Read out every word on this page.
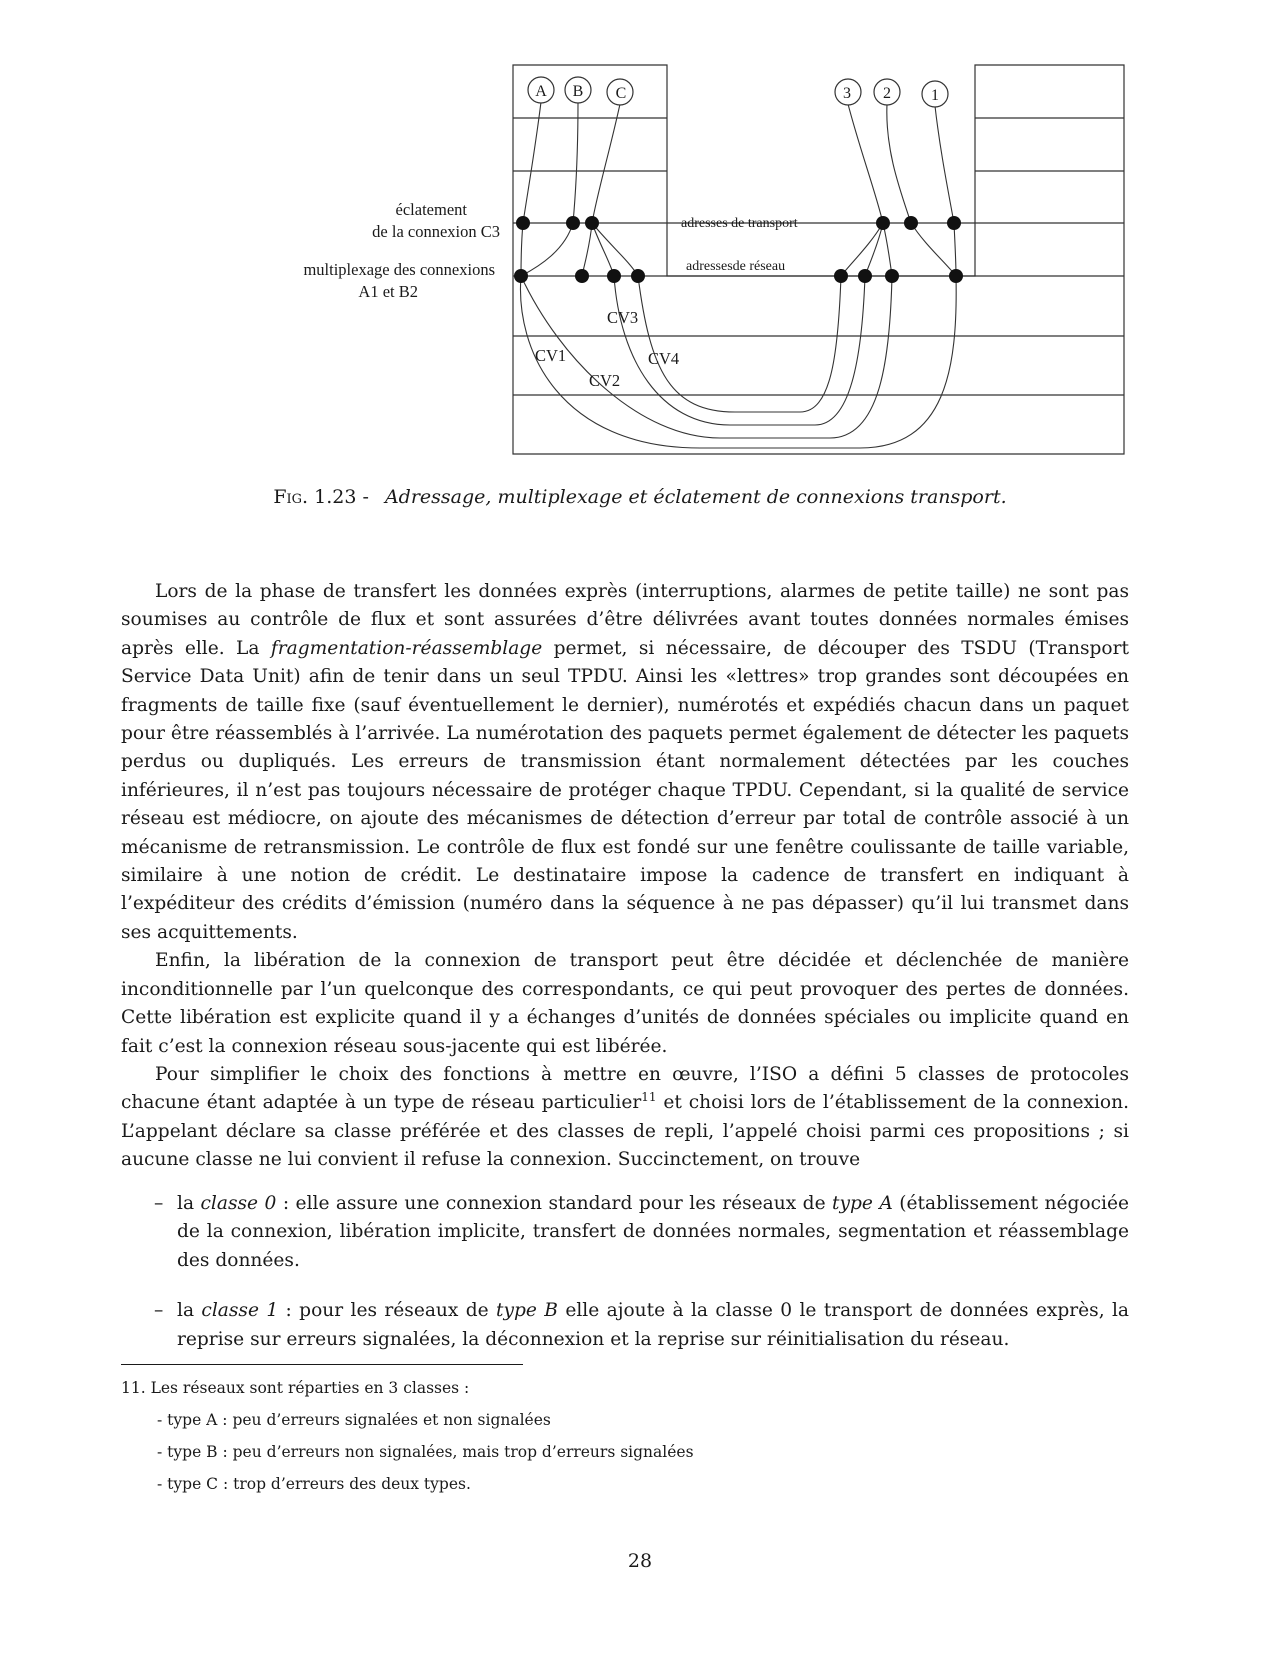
A B C	3 2	1
éclatement
de la connexion C3
multiplexage des connexions
A1 et B2
adresses de transport
adressesde réseau
CV1
CV2
CV3
CV4
Fig. 1.23 - Adressage, multiplexage et éclatement de connexions transport.

Lors de la phase de transfert les données exprès (interruptions, alarmes de petite taille) ne sont pas soumises au contrôle de flux et sont assurées d’être délivrées avant toutes données normales émises après elle. La fragmentation-réassemblage permet, si nécessaire, de découper des TSDU (Transport Service Data Unit) afin de tenir dans un seul TPDU. Ainsi les «lettres» trop grandes sont découpées en fragments de taille fixe (sauf éventuellement le dernier), numérotés et expédiés chacun dans un paquet pour être réassemblés à l’arrivée. La numérotation des paquets permet également de détecter les paquets perdus ou dupliqués. Les erreurs de transmission étant normalement détectées par les couches inférieures, il n’est pas toujours nécessaire de protéger chaque TPDU. Cependant, si la qualité de service réseau est médiocre, on ajoute des mécanismes de détection d’erreur par total de contrôle associé à un mécanisme de retransmission. Le contrôle de flux est fondé sur une fenêtre coulissante de taille variable, similaire à une notion de crédit. Le destinataire impose la cadence de transfert en indiquant à l’expéditeur des crédits d’émission (numéro dans la séquence à ne pas dépasser) qu’il lui transmet dans ses acquittements.

Enfin, la libération de la connexion de transport peut être décidée et déclenchée de manière inconditionnelle par l’un quelconque des correspondants, ce qui peut provoquer des pertes de données. Cette libération est explicite quand il y a échanges d’unités de données spéciales ou implicite quand en fait c’est la connexion réseau sous-jacente qui est libérée.

Pour simplifier le choix des fonctions à mettre en œuvre, l’ISO a défini 5 classes de protocoles chacune étant adaptée à un type de réseau particulier$^{11}$ et choisi lors de l’établissement de la connexion. L’appelant déclare sa classe préférée et des classes de repli, l’appelé choisi parmi ces propositions ; si aucune classe ne lui convient il refuse la connexion. Succinctement, on trouve

– la classe 0 : elle assure une connexion standard pour les réseaux de type A (établissement négociée de la connexion, libération implicite, transfert de données normales, segmentation et réassemblage des données.
– la classe 1 : pour les réseaux de type B elle ajoute à la classe 0 le transport de données exprès, la reprise sur erreurs signalées, la déconnexion et la reprise sur réinitialisation du réseau.
11. Les réseaux sont réparties en 3 classes :
- type A : peu d’erreurs signalées et non signalées
- type B : peu d’erreurs non signalées, mais trop d’erreurs signalées
- type C : trop d’erreurs des deux types.
28
